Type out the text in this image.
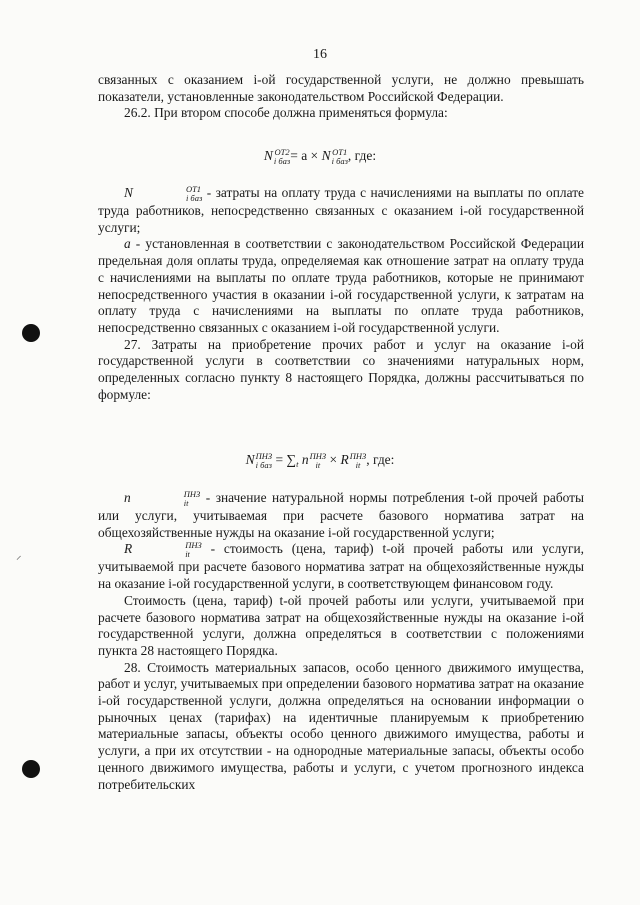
16

связанных с оказанием i-ой государственной услуги, не должно превышать показатели, установленные законодательством Российской Федерации.

26.2. При втором способе должна применяться формула:

N ОТ2
i баз = a × N ОТ1
i баз , где:

N	ОТ1
i баз - затраты на оплату труда с начислениями на выплаты по оплате труда работников, непосредственно связанных с оказанием i-ой государственной услуги;

a - установленная в соответствии с законодательством Российской Федерации предельная доля оплаты труда, определяемая как отношение затрат на оплату труда с начислениями на выплаты по оплате труда работников, которые не принимают непосредственного участия в оказании i-ой государственной услуги, к затратам на оплату труда с начислениями на выплаты по оплате труда работников, непосредственно связанных с оказанием i-ой государственной услуги.

27. Затраты на приобретение прочих работ и услуг на оказание i-ой государственной услуги в соответствии со значениями натуральных норм, определенных согласно пункту 8 настоящего Порядка, должны рассчитываться по формуле:

N ПНЗ
i баз = $\sum_t$ n ПНЗ
it × R ПНЗ
it , где:

n	ПНЗ
it - значение натуральной нормы потребления t-ой прочей работы или услуги, учитываемая при расчете базового норматива затрат на общехозяйственные нужды на оказание i-ой государственной услуги;

R	ПНЗ
it - стоимость (цена, тариф) t-ой прочей работы или услуги, учитываемой при расчете базового норматива затрат на общехозяйственные нужды на оказание i-ой государственной услуги, в соответствующем финансовом году.

Стоимость (цена, тариф) t-ой прочей работы или услуги, учитываемой при расчете базового норматива затрат на общехозяйственные нужды на оказание i-ой государственной услуги, должна определяться в соответствии с положениями пункта 28 настоящего Порядка.

28. Стоимость материальных запасов, особо ценного движимого имущества, работ и услуг, учитываемых при определении базового норматива затрат на оказание i-ой государственной услуги, должна определяться на основании информации о рыночных ценах (тарифах) на идентичные планируемым к приобретению материальные запасы, объекты особо ценного движимого имущества, работы и услуги, а при их отсутствии - на однородные материальные запасы, объекты особо ценного движимого имущества, работы и услуги, с учетом прогнозного индекса потребительских

⸝
